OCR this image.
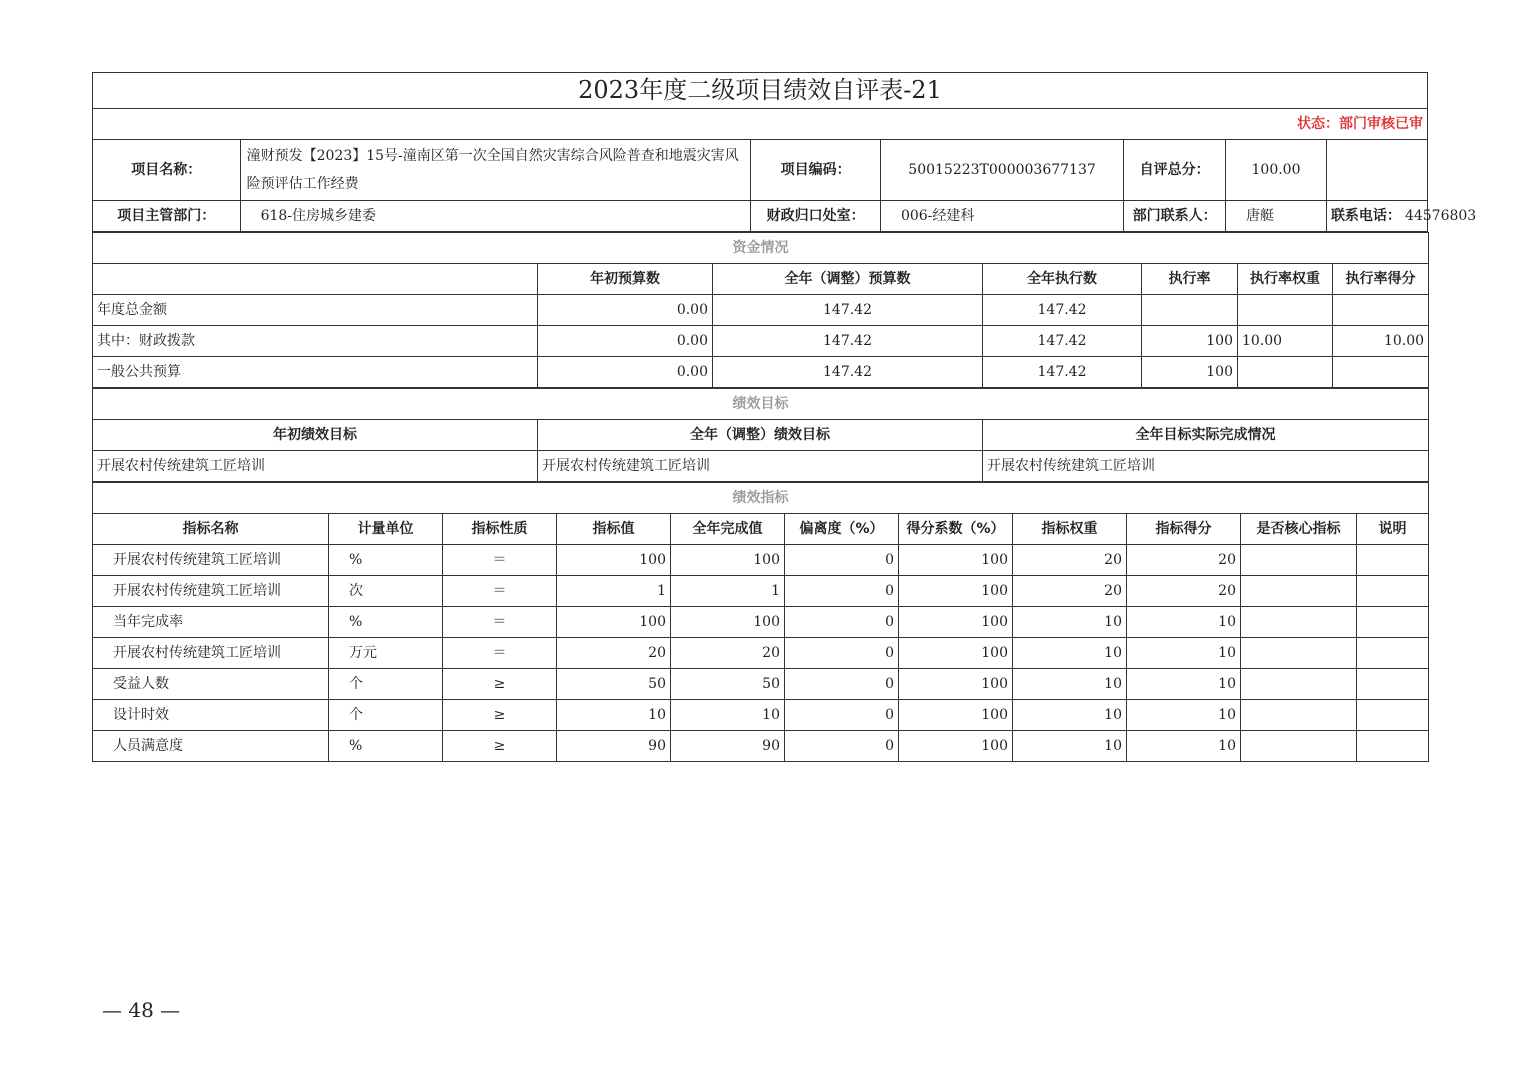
2023年度二级项目绩效自评表-21						
状态：部门审核已审						
项目名称：	潼财预发【2023】15号-潼南区第一次全国自然灾害综合风险普查和地震灾害风险预评估工作经费	项目编码：	50015223T000003677137	自评总分：	100.00	
项目主管部门：	618-住房城乡建委	财政归口处室：	006-经建科	部门联系人：	唐艇	联系电话： 44576803
资金情况						
	年初预算数	全年（调整）预算数	全年执行数	执行率	执行率权重	执行率得分
年度总金额	0.00	147.42	147.42			
其中：财政拨款	0.00	147.42	147.42	100	10.00	10.00
一般公共预算	0.00	147.42	147.42	100		
绩效目标		
年初绩效目标	全年（调整）绩效目标	全年目标实际完成情况
开展农村传统建筑工匠培训	开展农村传统建筑工匠培训	开展农村传统建筑工匠培训
绩效指标										
指标名称	计量单位	指标性质	指标值	全年完成值	偏离度（%）	得分系数（%）	指标权重	指标得分	是否核心指标	说明
开展农村传统建筑工匠培训	%	＝	100	100	0	100	20	20		
开展农村传统建筑工匠培训	次	＝	1	1	0	100	20	20		
当年完成率	%	＝	100	100	0	100	10	10		
开展农村传统建筑工匠培训	万元	＝	20	20	0	100	10	10		
受益人数	个	≥	50	50	0	100	10	10		
设计时效	个	≥	10	10	0	100	10	10		
人员满意度	%	≥	90	90	0	100	10	10		
— 48 —
